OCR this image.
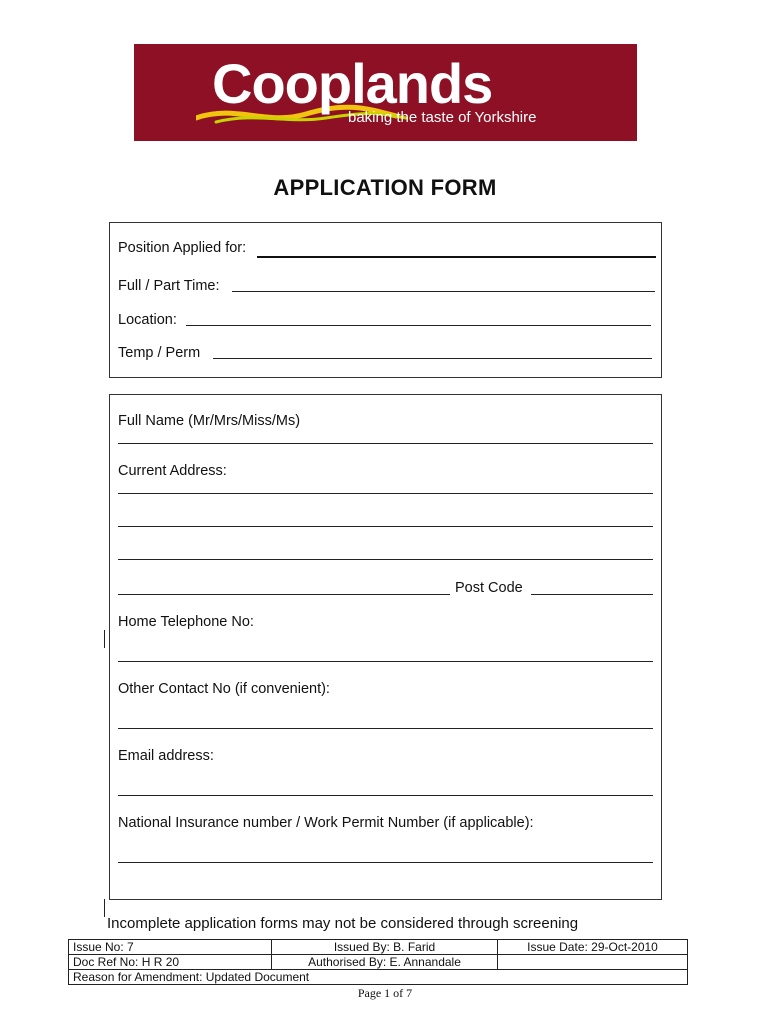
Cooplands
baking the taste of Yorkshire
APPLICATION FORM
Position Applied for:
Full / Part Time:
Location:
Temp / Perm
Full Name (Mr/Mrs/Miss/Ms)
Current Address:
Post Code
Home Telephone No:
Other Contact No (if convenient):
Email address:
National Insurance number / Work Permit Number (if applicable):
Incomplete application forms may not be considered through screening
Issue No: 7	Issued By: B. Farid	Issue Date: 29-Oct-2010
Doc Ref No: H R 20	Authorised By: E. Annandale	
Reason for Amendment: Updated Document		
Page 1 of 7
